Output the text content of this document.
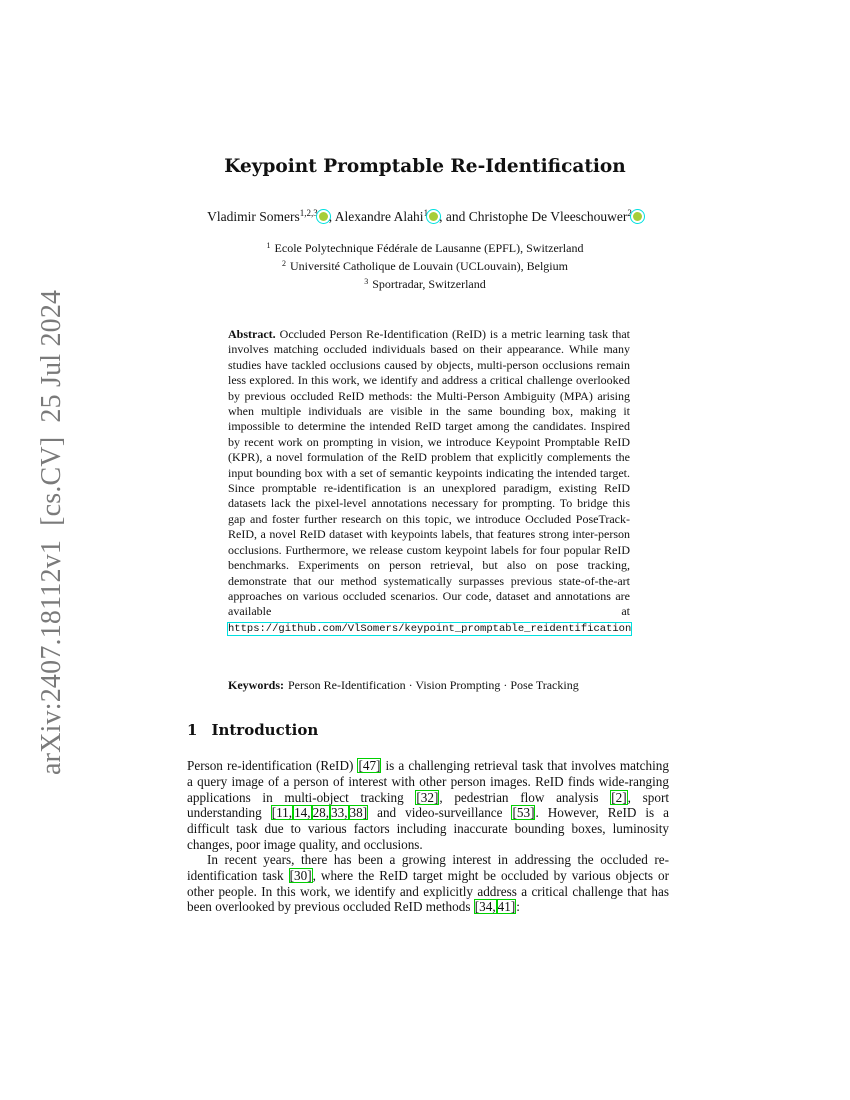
arXiv:2407.18112v1[cs.CV]25 Jul 2024
Keypoint Promptable Re-Identification
Vladimir Somers$^{1,2,3}$ , Alexandre Alahi$^1$ , and Christophe De Vleeschouwer$^2$
$^1$ Ecole Polytechnique Fédérale de Lausanne (EPFL), Switzerland
$^2$ Université Catholique de Louvain (UCLouvain), Belgium
$^3$ Sportradar, Switzerland
Abstract. Occluded Person Re-Identification (ReID) is a metric learning task that involves matching occluded individuals based on their appearance. While many studies have tackled occlusions caused by objects, multi-person occlusions remain less explored. In this work, we identify and address a critical challenge overlooked by previous occluded ReID methods: the Multi-Person Ambiguity (MPA) arising when multiple individuals are visible in the same bounding box, making it impossible to determine the intended ReID target among the candidates. Inspired by recent work on prompting in vision, we introduce Keypoint Promptable ReID (KPR), a novel formulation of the ReID problem that explicitly complements the input bounding box with a set of semantic keypoints indicating the intended target. Since promptable re-identification is an unexplored paradigm, existing ReID datasets lack the pixel-level annotations necessary for prompting. To bridge this gap and foster further research on this topic, we introduce Occluded PoseTrack-ReID, a novel ReID dataset with keypoints labels, that features strong inter-person occlusions. Furthermore, we release custom keypoint labels for four popular ReID benchmarks. Experiments on person retrieval, but also on pose tracking, demonstrate that our method systematically surpasses previous state-of-the-art approaches on various occluded scenarios. Our code, dataset and annotations are available at https://github.com/VlSomers/keypoint_promptable_reidentification
Keywords: Person Re-Identification · Vision Prompting · Pose Tracking
1 Introduction
Person re-identification (ReID) [47] is a challenging retrieval task that involves matching a query image of a person of interest with other person images. ReID finds wide-ranging applications in multi-object tracking [32], pedestrian flow analysis [2], sport understanding [11, 14, 28, 33, 38] and video-surveillance [53]. However, ReID is a difficult task due to various factors including inaccurate bounding boxes, luminosity changes, poor image quality, and occlusions.
In recent years, there has been a growing interest in addressing the occluded re-identification task [30], where the ReID target might be occluded by various objects or other people. In this work, we identify and explicitly address a critical challenge that has been overlooked by previous occluded ReID methods [34, 41]:
